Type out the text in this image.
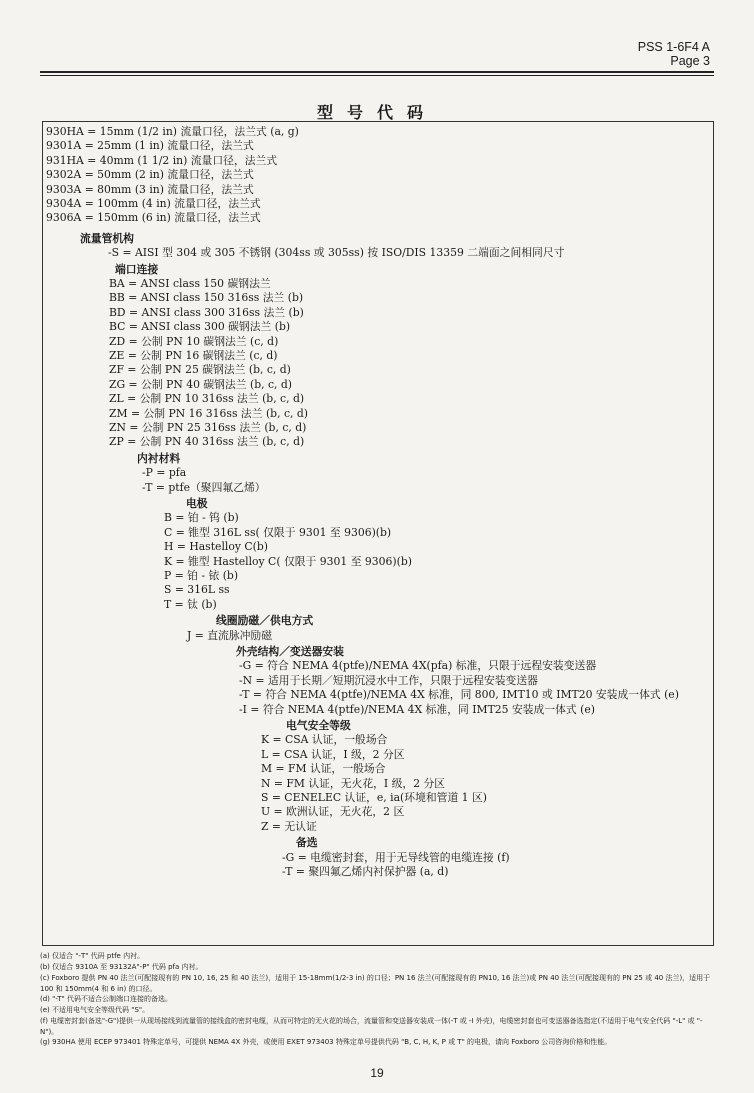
PSS 1-6F4 A
Page 3
型号代码
930HA = 15mm (1/2 in) 流量口径，法兰式 (a, g)
9301A = 25mm (1 in) 流量口径，法兰式
931HA = 40mm (1 1/2 in) 流量口径，法兰式
9302A = 50mm (2 in) 流量口径，法兰式
9303A = 80mm (3 in) 流量口径，法兰式
9304A = 100mm (4 in) 流量口径，法兰式
9306A = 150mm (6 in) 流量口径，法兰式
流量管机构
-S = AISI 型 304 或 305 不锈钢 (304ss 或 305ss) 按 ISO/DIS 13359 二端面之间相同尺寸
端口连接
BA = ANSI class 150 碳钢法兰
BB = ANSI class 150 316ss 法兰 (b)
BD = ANSI class 300 316ss 法兰 (b)
BC = ANSI class 300 碳钢法兰 (b)
ZD = 公制 PN 10 碳钢法兰 (c, d)
ZE = 公制 PN 16 碳钢法兰 (c, d)
ZF = 公制 PN 25 碳钢法兰 (b, c, d)
ZG = 公制 PN 40 碳钢法兰 (b, c, d)
ZL = 公制 PN 10 316ss 法兰 (b, c, d)
ZM = 公制 PN 16 316ss 法兰 (b, c, d)
ZN = 公制 PN 25 316ss 法兰 (b, c, d)
ZP = 公制 PN 40 316ss 法兰 (b, c, d)
内衬材料
-P = pfa
-T = ptfe（聚四氟乙烯）
电极
B = 铂 - 钨 (b)
C = 锥型 316L ss( 仅限于 9301 至 9306)(b)
H = Hastelloy C(b)
K = 锥型 Hastelloy C( 仅限于 9301 至 9306)(b)
P = 铂 - 铱 (b)
S = 316L ss
T = 钛 (b)
线圈励磁／供电方式
J = 直流脉冲励磁
外壳结构／变送器安装
-G = 符合 NEMA 4(ptfe)/NEMA 4X(pfa) 标准，只限于远程安装变送器
-N = 适用于长期／短期沉浸水中工作，只限于远程安装变送器
-T = 符合 NEMA 4(ptfe)/NEMA 4X 标准，同 800, IMT10 或 IMT20 安装成一体式 (e)
-I = 符合 NEMA 4(ptfe)/NEMA 4X 标准，同 IMT25 安装成一体式 (e)
电气安全等级
K = CSA 认证，一般场合
L = CSA 认证，I 级，2 分区
M = FM 认证，一般场合
N = FM 认证，无火花，I 级，2 分区
S = CENELEC 认证，e, ia(环境和管道 1 区)
U = 欧洲认证，无火花，2 区
Z = 无认证
备选
-G = 电缆密封套，用于无导线管的电缆连接 (f)
-T = 聚四氟乙烯内衬保护器 (a, d)
(a) 仅适合 "-T" 代码 ptfe 内衬。
(b) 仅适合 9310A 至 93132A"-P" 代码 pfa 内衬。
(c) Foxboro 提供 PN 40 法兰(可配接现有的 PN 10, 16, 25 和 40 法兰)，适用于 15-18mm(1/2-3 in) 的口径；PN 16 法兰(可配接现有的 PN10, 16 法兰)或 PN 40 法兰(可配接现有的 PN 25 或 40 法兰)，适用于 100 和 150mm(4 和 6 in) 的口径。
(d) "-T" 代码不适合公制端口连接的备选。
(e) 不适用电气安全等级代码 "S"。
(f) 电缆密封套(备选"-G")提供一从现场接线到流量管的接线盒的密封电缆，从而可特定的无火花的场合，流量管和变送器安装成一体(-T 或 -I 外壳)，电缆密封套也可变送器备选指定(不适用于电气安全代码 "-L" 或 "-N")。
(g) 930HA 使用 ECEP 973401 特殊定单号，可提供 NEMA 4X 外壳，或使用 EXET 973403 特殊定单号提供代码 "B, C, H, K, P 或 T" 的电极，请向 Foxboro 公司咨询价格和性能。
19
